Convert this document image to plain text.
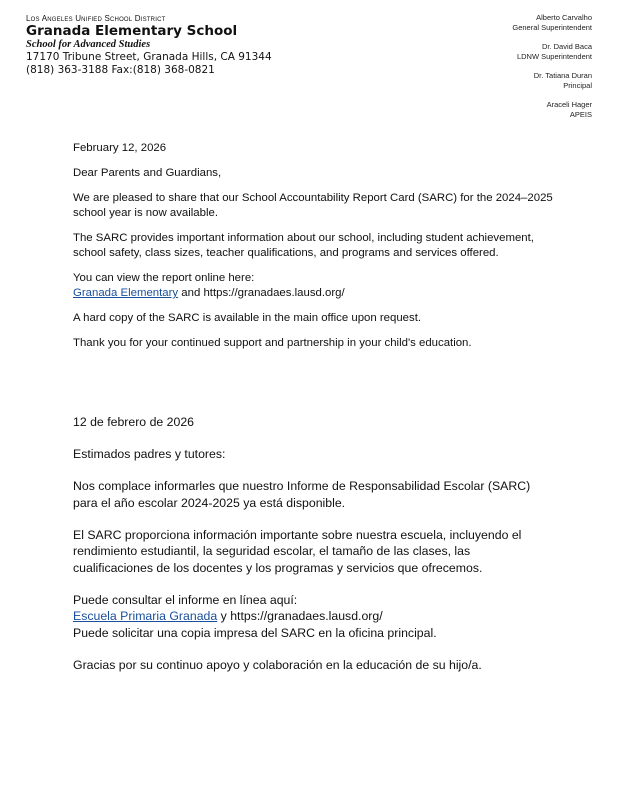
Los Angeles Unified School District
Granada Elementary School
School for Advanced Studies
17170 Tribune Street, Granada Hills, CA 91344
(818) 363-3188 Fax:(818) 368-0821
Alberto Carvalho
General Superintendent
Dr. David Baca
LDNW Superintendent
Dr. Tatiana Duran
Principal
Araceli Hager
APEIS

February 12, 2026

Dear Parents and Guardians,

We are pleased to share that our School Accountability Report Card (SARC) for the 2024–2025 school year is now available.

The SARC provides important information about our school, including student achievement, school safety, class sizes, teacher qualifications, and programs and services offered.

You can view the report online here:
Granada Elementary and https://granadaes.lausd.org/

A hard copy of the SARC is available in the main office upon request.

Thank you for your continued support and partnership in your child's education.

12 de febrero de 2026

Estimados padres y tutores:

Nos complace informarles que nuestro Informe de Responsabilidad Escolar (SARC) para el año escolar 2024-2025 ya está disponible.

El SARC proporciona información importante sobre nuestra escuela, incluyendo el rendimiento estudiantil, la seguridad escolar, el tamaño de las clases, las cualificaciones de los docentes y los programas y servicios que ofrecemos.

Puede consultar el informe en línea aquí:
Escuela Primaria Granada y https://granadaes.lausd.org/
Puede solicitar una copia impresa del SARC en la oficina principal.

Gracias por su continuo apoyo y colaboración en la educación de su hijo/a.
